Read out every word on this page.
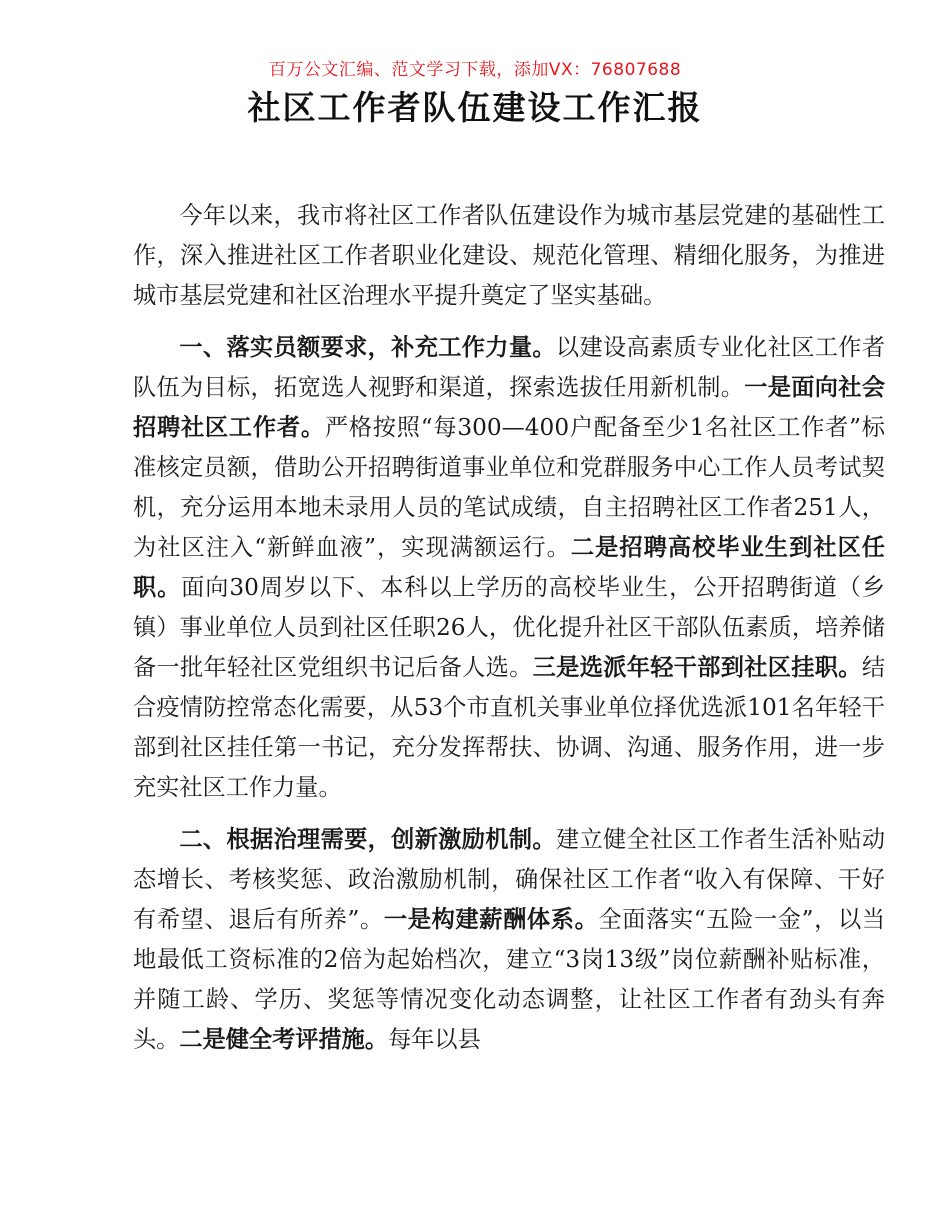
百万公文汇编、范文学习下载，添加VX：76807688
社区工作者队伍建设工作汇报

今年以来，我市将社区工作者队伍建设作为城市基层党建的基础性工作，深入推进社区工作者职业化建设、规范化管理、精细化服务，为推进城市基层党建和社区治理水平提升奠定了坚实基础。

一、落实员额要求，补充工作力量。以建设高素质专业化社区工作者队伍为目标，拓宽选人视野和渠道，探索选拔任用新机制。一是面向社会招聘社区工作者。严格按照“每300—400户配备至少1名社区工作者”标准核定员额，借助公开招聘街道事业单位和党群服务中心工作人员考试契机，充分运用本地未录用人员的笔试成绩，自主招聘社区工作者251人，为社区注入“新鲜血液”，实现满额运行。二是招聘高校毕业生到社区任职。面向30周岁以下、本科以上学历的高校毕业生，公开招聘街道（乡镇）事业单位人员到社区任职26人，优化提升社区干部队伍素质，培养储备一批年轻社区党组织书记后备人选。三是选派年轻干部到社区挂职。结合疫情防控常态化需要，从53个市直机关事业单位择优选派101名年轻干部到社区挂任第一书记，充分发挥帮扶、协调、沟通、服务作用，进一步充实社区工作力量。

二、根据治理需要，创新激励机制。建立健全社区工作者生活补贴动态增长、考核奖惩、政治激励机制，确保社区工作者“收入有保障、干好有希望、退后有所养”。一是构建薪酬体系。全面落实“五险一金”，以当地最低工资标准的2倍为起始档次，建立“3岗13级”岗位薪酬补贴标准，并随工龄、学历、奖惩等情况变化动态调整，让社区工作者有劲头有奔头。二是健全考评措施。每年以县
